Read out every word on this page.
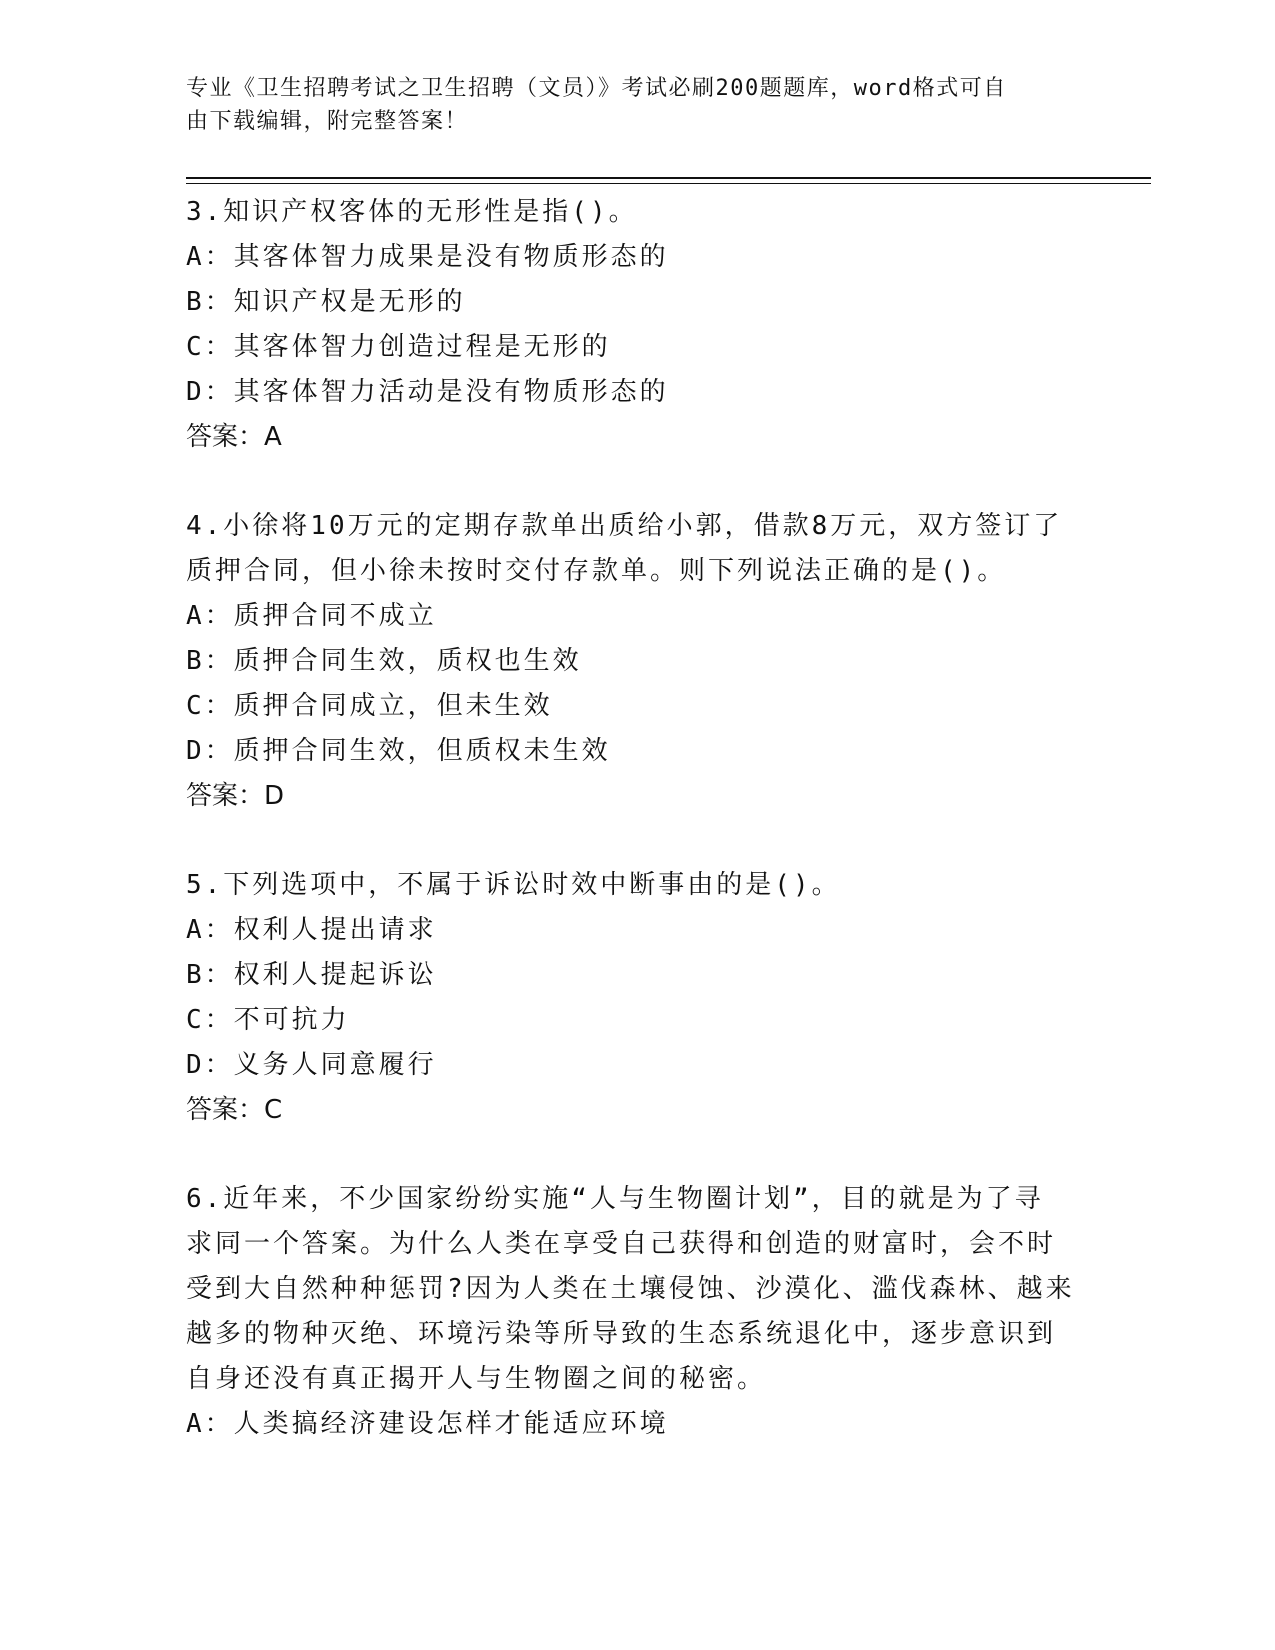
专业《卫生招聘考试之卫生招聘（文员）》考试必刷200题题库，word格式可自
由下载编辑，附完整答案！

3.知识产权客体的无形性是指()。

A：其客体智力成果是没有物质形态的

B：知识产权是无形的

C：其客体智力创造过程是无形的

D：其客体智力活动是没有物质形态的

答案：A

4.小徐将10万元的定期存款单出质给小郭，借款8万元，双方签订了

质押合同，但小徐未按时交付存款单。则下列说法正确的是()。

A：质押合同不成立

B：质押合同生效，质权也生效

C：质押合同成立，但未生效

D：质押合同生效，但质权未生效

答案：D

5.下列选项中，不属于诉讼时效中断事由的是()。

A：权利人提出请求

B：权利人提起诉讼

C：不可抗力

D：义务人同意履行

答案：C

6.近年来，不少国家纷纷实施“人与生物圈计划”，目的就是为了寻

求同一个答案。为什么人类在享受自己获得和创造的财富时，会不时

受到大自然种种惩罚?因为人类在土壤侵蚀、沙漠化、滥伐森林、越来

越多的物种灭绝、环境污染等所导致的生态系统退化中，逐步意识到

自身还没有真正揭开人与生物圈之间的秘密。

A：人类搞经济建设怎样才能适应环境
